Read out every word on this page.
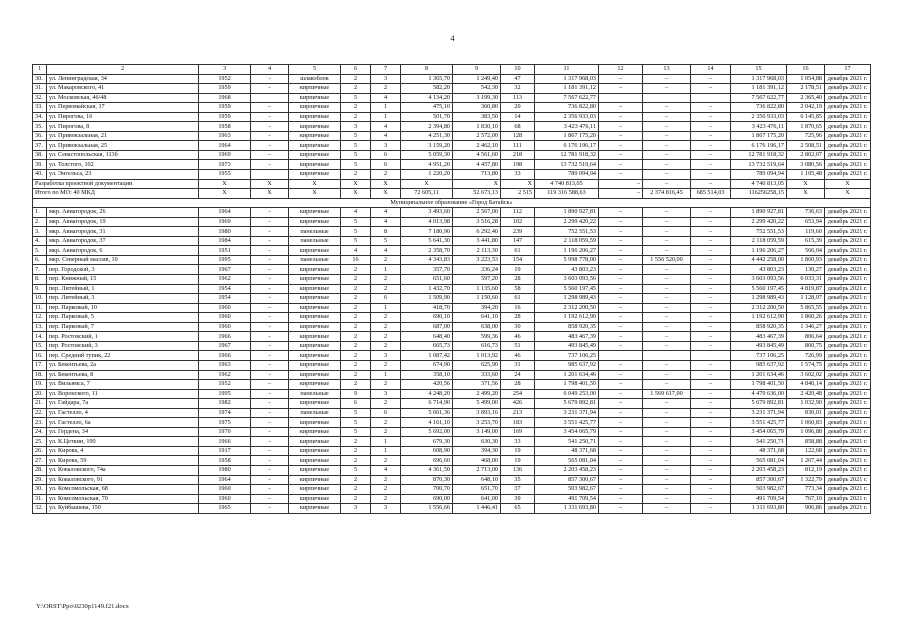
4
1	2	3	4	5	6	7	8	9	10	11	12	13	14	15	16	17
30.	ул. Ленинградская, 34	1952	-	шлакоблок	2	3	1 365,70	1 249,40	47	1 317 968,03	–	–	–	1 317 968,03	1 054,88	декабрь 2021 г.
31.	ул. Макаровского, 41	1959	-	кирпичные	2	2	582,20	542,30	32	1 181 391,12	–	–	–	1 181 391,12	2 178,51	декабрь 2021 г.
32.	ул. Московская, 46/48	1968		кирпичные	5	4	4 134,20	3 199,30	113	7 567 622,77				7 567 622,77	2 365,40	декабрь 2021 г.
33.	ул. Первомайская, 17	1959	–	кирпичные	2	1	475,10	360,80	20	736 822,80	–	–	–	736 822,80	2 042,19	декабрь 2021 г.
34.	ул. Пирогова, 16	1959	-	кирпичные	2	1	501,70	383,50	14	2 356 933,03	–	–	–	2 356 933,03	6 145,85	декабрь 2021 г.
35.	ул. Пирогова, 8	1958	-	кирпичные	3	4	2 394,80	1 830,10	68	3 423 476,11	–	–	–	3 423 476,11	1 870,65	декабрь 2021 г.
36.	ул. Привокзальная, 21	1963	-	кирпичные	5	4	4 251,30	2 572,00	128	1 867 175,20	–	–	–	1 867 175,20	725,96	декабрь 2021 г.
37.	ул. Привокзальная, 25	1964	-	кирпичные	5	3	3 159,20	2 462,10	111	6 176 196,17	–	–	–	6 176 196,17	2 508,51	декабрь 2021 г.
38.	ул. Севастопольская, 113б	1969	–	кирпичные	5	6	5 059,30	4 561,60	218	12 781 918,32	–	–	–	12 781 918,32	2 802,07	декабрь 2021 г.
39.	ул. Толстого, 102	1973	-	кирпичные	5	6	4 951,20	4 457,80	198	13 732 519,64	–	–	–	13 732 519,64	3 080,56	декабрь 2021 г.
40.	ул. Энгельса, 23	1955		кирпичные	2	2	1 220,20	713,80	33	789 094,94	–	–	–	789 094,94	1 105,48	декабрь 2021 г.
Разработка проектной документации		Х	Х	Х	Х	Х	Х	Х	Х	4 740 813,05	–	–	–	4 740 813,05	Х	Х
Итого по МО: 40 МКД		Х	Х	Х	Х	Х	72 605,11	52 673,13	2 515	119 316 588,63	–	2 374 816,45	685 514,03	116256258,15	Х	Х
Муниципальное образование «Город Батайск»																
1.	мкр. Авиагородок, 26	1964	-	кирпичные	4	4	3 493,60	2 567,00	112	1 890 927,81	–	–	–	1 890 927,81	736,63	декабрь 2021 г.
2.	мкр. Авиагородок, 19	1969	-	кирпичные	5	4	4 013,98	3 516,28	102	2 299 420,22	–	–	–	2 299 420,22	653,94	декабрь 2021 г.
3.	мкр. Авиагородок, 31	1980	-	панельные	5	8	7 180,90	6 292,40	239	752 551,53	–	–	–	752 551,53	119,60	декабрь 2021 г.
4.	мкр. Авиагородок, 37	1984	-	панельные	5	5	5 641,30	3 441,80	147	2 118 059,59	–	–	–	2 118 059,59	615,39	декабрь 2021 г.
5.	мкр. Авиагородок, 6	1951	-	кирпичные	4	4	2 358,70	2 113,30	61	1 196 206,27	–	–	–	1 196 206,27	566,04	декабрь 2021 г.
6.	мкр. Северный массив, 10	1995	-	панельные	16	2	4 343,83	3 223,53	154	5 998 778,00	–	1 556 520,00	–	4 442 258,00	1 860,93	декабрь 2021 г.
7.	пер. Городской, 3	1967	–	кирпичные	2	1	357,70	336,24	19	43 803,23	–	–	–	43 803,23	130,27	декабрь 2021 г.
8.	пер. Книжный, 15	1962	-	кирпичные	2	2	651,60	597,20	28	3 603 093,56	–	–	–	3 603 093,56	6 033,31	декабрь 2021 г.
9.	пер. Литейный, 1	1954	-	кирпичные	2	2	1 432,70	1 135,60	58	5 560 197,45	–	–	–	5 560 197,45	4 819,87	декабрь 2021 г.
10.	пер. Литейный, 3	1954	-	кирпичные	2	6	1 509,90	1 150,60	61	1 298 989,43	–	–	–	1 298 989,43	1 128,97	декабрь 2021 г.
11.	пер. Парковый, 10	1960	–	кирпичные	2	1	418,70	394,20	16	2 312 200,50	–	–	–	2 312 200,50	5 865,55	декабрь 2021 г.
12.	пер. Парковый, 5	1960	-	кирпичные	2	2	690,10	641,10	28	1 192 612,90	–	–	–	1 192 612,90	1 860,26	декабрь 2021 г.
13.	пер. Парковый, 7	1960	-	кирпичные	2	2	687,00	638,00	30	858 920,35	–	–	–	858 920,35	1 346,27	декабрь 2021 г.
14.	пер. Ростовский, 1	1966	-	кирпичные	2	2	648,40	599,36	46	483 467,39	–	–	–	483 467,39	806,64	декабрь 2021 г.
15.	пер. Ростовский, 3	1967	-	кирпичные	2	2	665,73	616,73	51	493 845,49	–	–	–	493 845,49	800,75	декабрь 2021 г.
16.	пер. Средний тупик, 22	1966	-	кирпичные	2	3	1 087,42	1 013,92	46	737 106,25				737 106,25	726,99	декабрь 2021 г.
17.	ул. Бекентьева, 2а	1963	-	кирпичные	2	2	674,90	625,90	31	985 637,92	–	–	–	985 637,92	1 574,75	декабрь 2021 г.
18.	ул. Бекентьева, 8	1962	-	кирпичные	2	1	358,10	333,60	24	1 201 634,46	–	–	–	1 201 634,46	3 602,02	декабрь 2021 г.
19.	ул. Вильямса, 7	1952	–	кирпичные	2	2	420,56	371,56	28	1 798 401,50	–	–	–	1 798 401,50	4 840,14	декабрь 2021 г.
20.	ул. Воронского, 11	1995	-	панельные	9	3	4 248,20	2 499,20	254	6 049 253,00	–	1 569 617,00	–	4 479 636,00	2 420,48	декабрь 2021 г.
21.	ул. Гайдара, 7а	1982	-	кирпичные	6	2	6 714,90	5 499,00	426	5 679 892,81	–	–	–	5 679 892,81	1 032,90	декабрь 2021 г.
22.	ул. Гастелло, 4	1974	-	панельные	5	6	5 661,36	3 893,16	213	3 231 371,94	–	–	–	3 231 371,94	830,01	декабрь 2021 г.
23.	ул. Гастелло, 6а	1975	–	кирпичные	5	2	4 161,10	3 253,70	183	3 551 425,77	–	–	–	3 551 425,77	1 060,83	декабрь 2021 г.
24.	ул. Гердена, 34	1970	-	кирпичные	5	2	5 692,00	3 149,00	169	3 454 065,79	–	–	–	3 454 065,79	1 096,88	декабрь 2021 г.
25.	ул. К.Цеткин, 190	1966	-	кирпичные	2	1	679,30	630,30	33	541 250,71	–	–	–	541 250,71	858,88	декабрь 2021 г.
26.	ул. Кирова, 4	1917	–	кирпичные	2	1	608,90	394,30	19	48 371,68	–	–	–	48 371,68	122,68	декабрь 2021 г.
27.	ул. Кирова, 59	1958	-	кирпичные	2	2	696,60	468,00	19	565 081,04	–	–	–	565 081,04	1 207,44	декабрь 2021 г.
28.	ул. Коваловского, 74а	1980	-	кирпичные	5	4	4 361,50	2 713,00	136	2 203 458,23	–	–	–	2 203 458,23	812,19	декабрь 2021 г.
29.	ул. Коваловского, 91	1964	-	кирпичные	2	2	870,30	648,10	35	857 300,67	–	–	–	857 300,67	1 322,79	декабрь 2021 г.
30.	ул. Комсомольская, 68	1960	-	кирпичные	2	2	700,70	651,70	37	503 982,67	–	–	–	503 982,67	773,34	декабрь 2021 г.
31.	ул. Комсомольская, 70	1960	–	кирпичные	2	2	690,00	641,00	39	491 709,54	–	–	–	491 709,54	767,10	декабрь 2021 г.
32.	ул. Куйбышева, 150	1965	-	кирпичные	3	3	1 556,66	1 446,41	65	1 311 693,80	–	–	–	1 311 693,80	906,86	декабрь 2021 г.
Y:\ORST\Ppo\0230p1149.f21.docx
